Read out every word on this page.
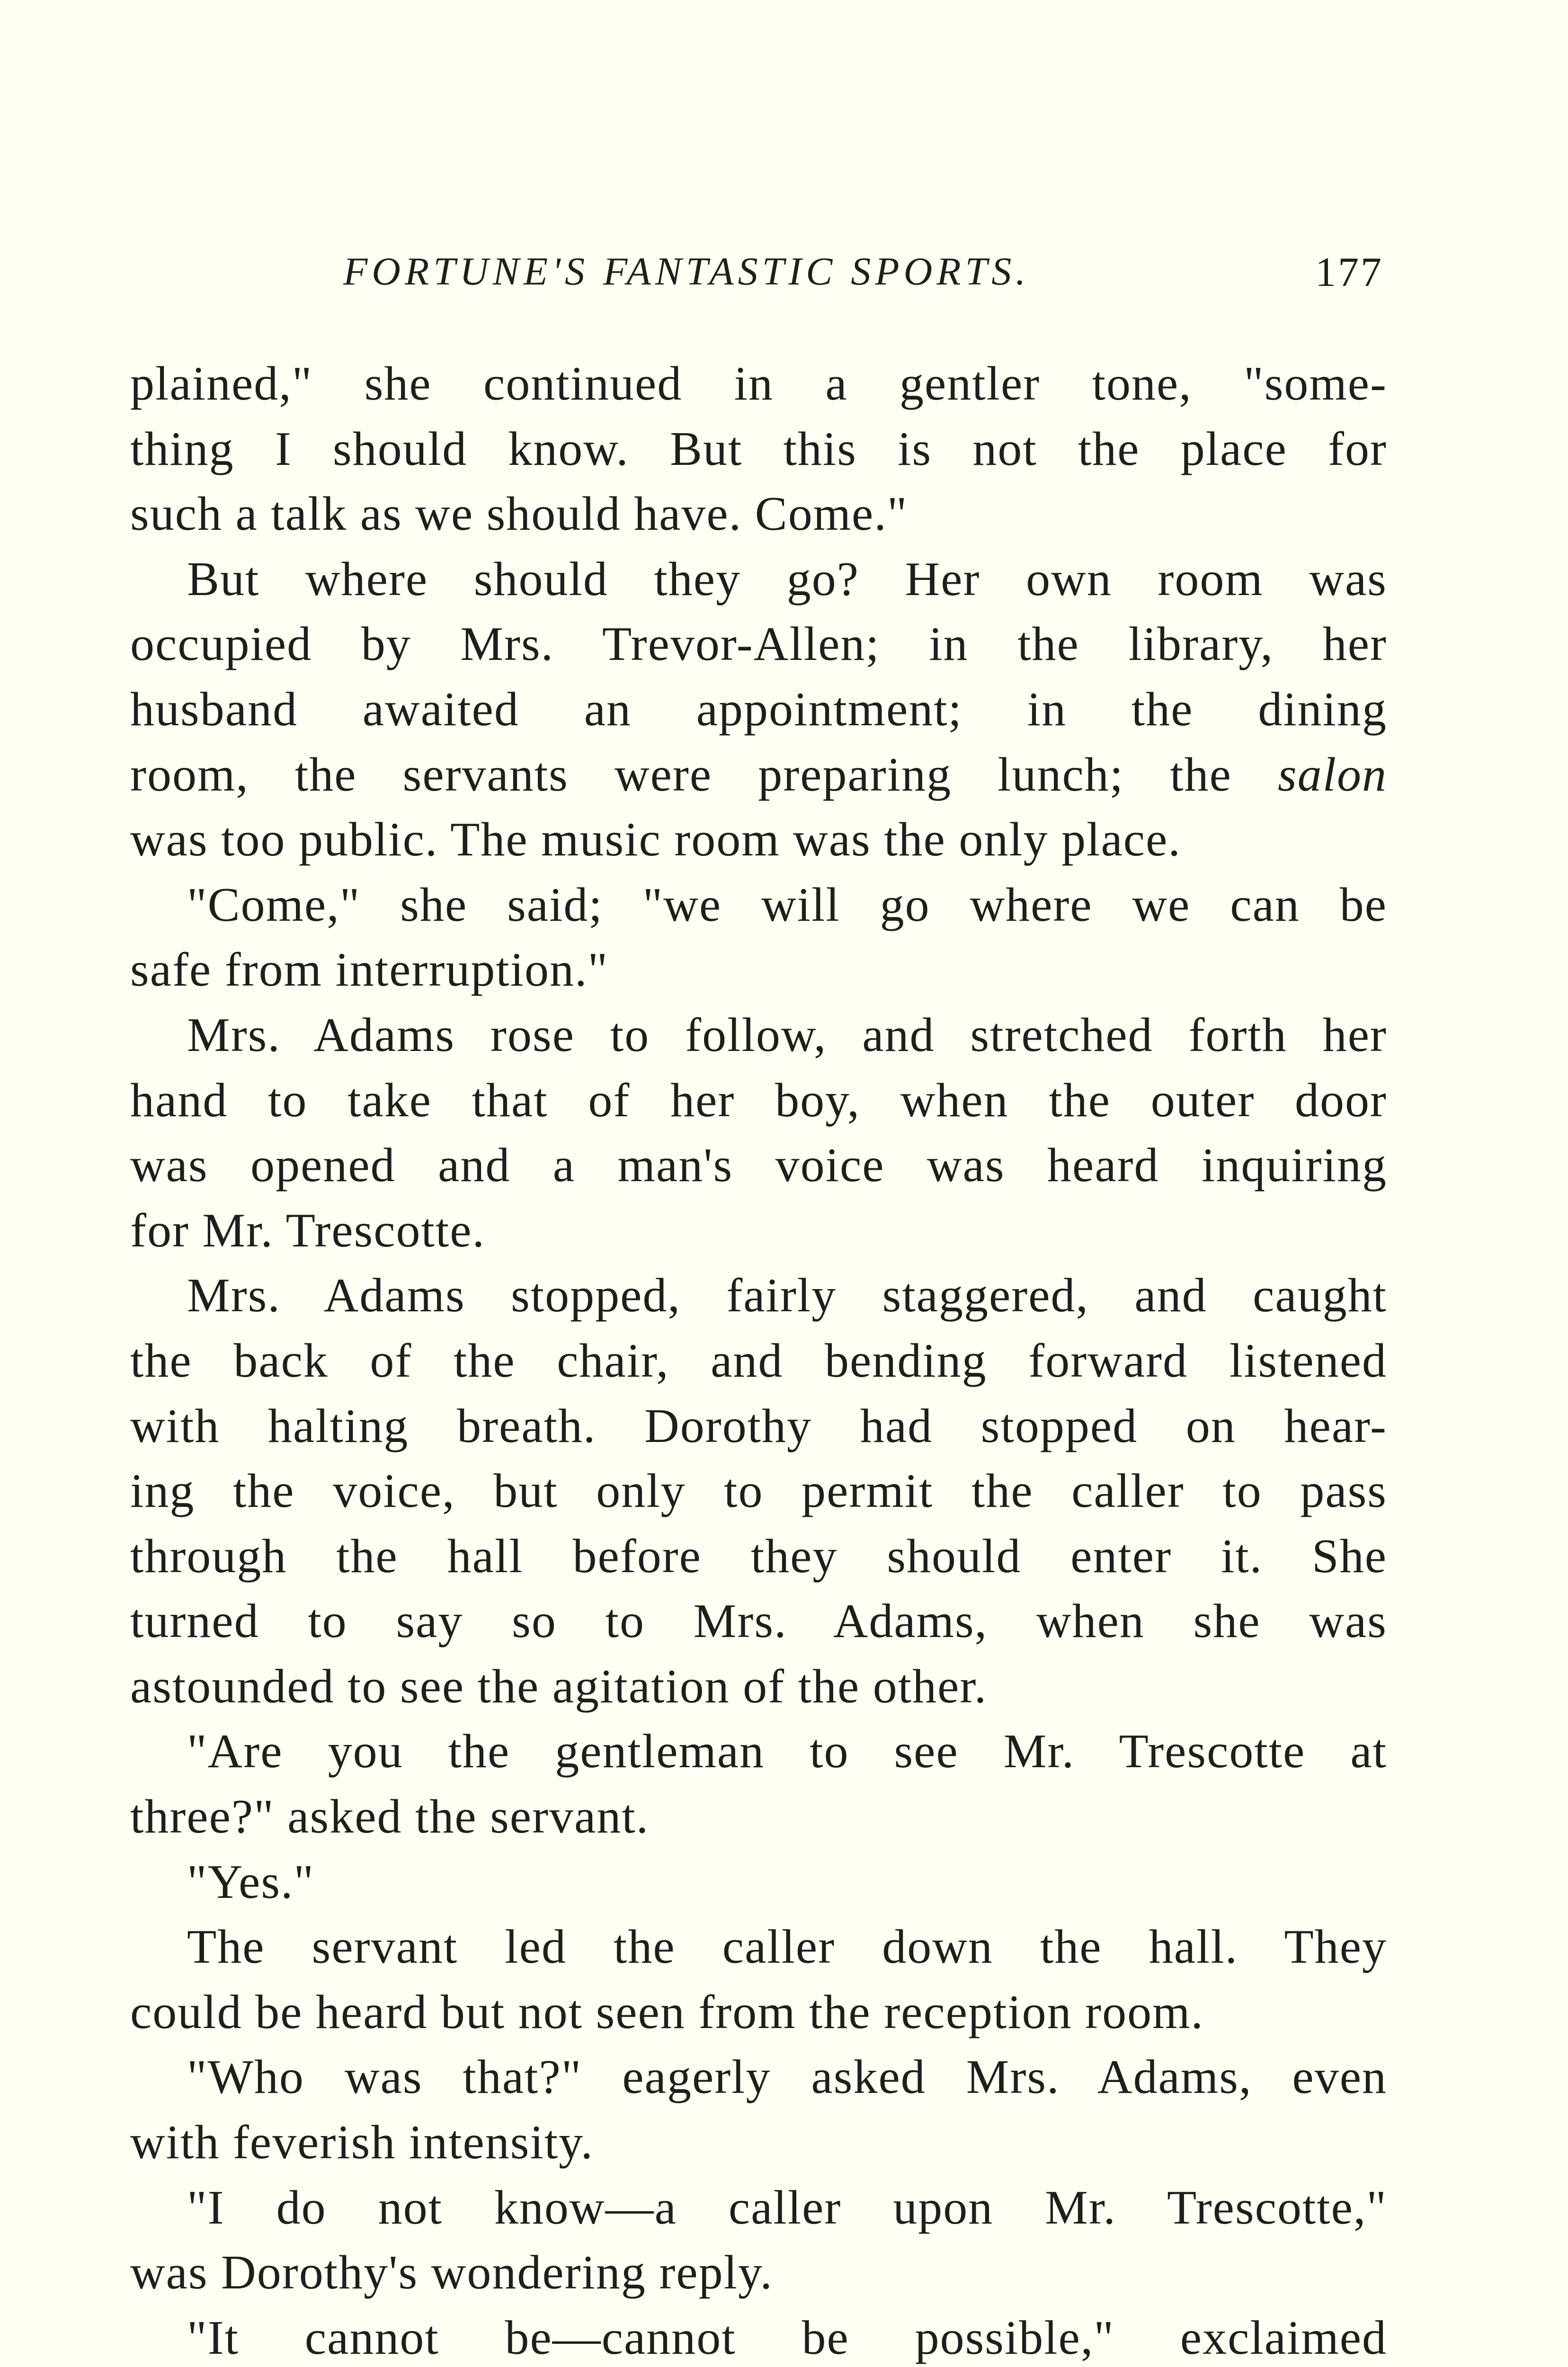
FORTUNE'S FANTASTIC SPORTS.	177
plained," she continued in a gentler tone, "some-
thing I should know. But this is not the place for
such a talk as we should have. Come."
But where should they go? Her own room was
occupied by Mrs. Trevor-Allen; in the library, her
husband awaited an appointment; in the dining
room, the servants were preparing lunch; the salon
was too public. The music room was the only place.
"Come," she said; "we will go where we can be
safe from interruption."
Mrs. Adams rose to follow, and stretched forth her
hand to take that of her boy, when the outer door
was opened and a man's voice was heard inquiring
for Mr. Trescotte.
Mrs. Adams stopped, fairly staggered, and caught
the back of the chair, and bending forward listened
with halting breath. Dorothy had stopped on hear-
ing the voice, but only to permit the caller to pass
through the hall before they should enter it. She
turned to say so to Mrs. Adams, when she was
astounded to see the agitation of the other.
"Are you the gentleman to see Mr. Trescotte at
three?" asked the servant.
"Yes."
The servant led the caller down the hall. They
could be heard but not seen from the reception room.
"Who was that?" eagerly asked Mrs. Adams, even
with feverish intensity.
"I do not know—a caller upon Mr. Trescotte,"
was Dorothy's wondering reply.
"It cannot be—cannot be possible," exclaimed
